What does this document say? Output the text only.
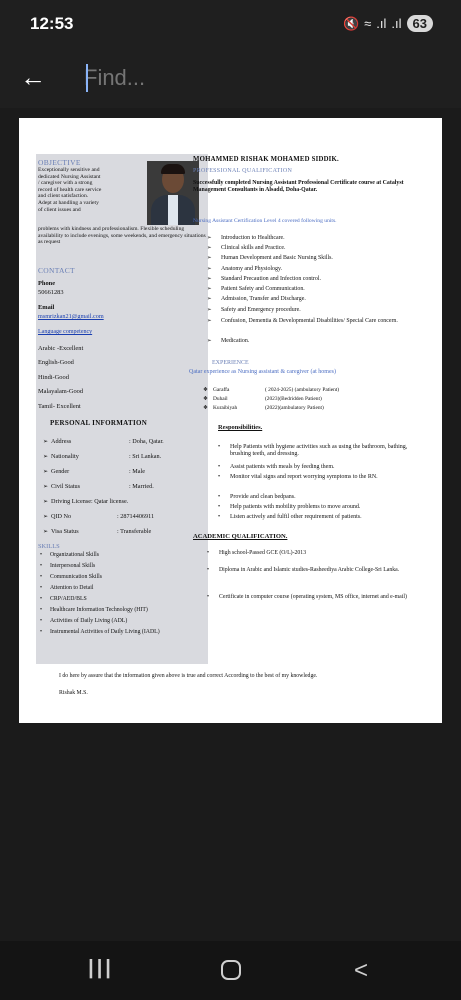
12:53	🔇 ≈ .ıl .ıl 63
←
Find...
OBJECTIVE
Exceptionally sensitive and
dedicated Nursing Assistant
/ caregiver with a strong
record of health care service
and client satisfaction.
Adept at handling a variety
of client issues and
problems with kindness and professionalism. Flexible scheduling availability to include evenings, some weekends, and emergency situations as request
CONTACT
Phone
50661283
Email
msmrizkan21@gmail.com
Language competency
Arabic -Excellent
English-Good
Hindi-Good
Malayalam-Good
Tamil- Excellent
PERSONAL INFORMATION
➢ Address	: Doha, Qatar.
➢ Nationality	: Sri Lankan.
➢ Gender	: Male
➢ Civil Status	: Married.
➢ Driving License: Qatar license.
➢ QID No	: 28714406911
➢ Visa Status	: Transferable
SKILLS
• Organizational Skills
• Interpersonal Skills
• Communication Skills
• Attention to Detail
• CRP/AED/BLS
• Healthcare Information Technology (HIT)
• Activities of Daily Living (ADL)
• Instrumental Activities of Daily Living (IADL)
MOHAMMED RISHAK MOHAMED SIDDIK.
PROFESSIONAL QUALIFICATION
Successfully completed Nursing Assistant Professional Certificate course at Catalyst Management Consultants in Alsadd, Doha-Qatar.
Nursing Assistant Certification Level 4 covered following units.
➢ Introduction to Healthcare.
➢ Clinical skills and Practice.
➢ Human Development and Basic Nursing Skills.
➢ Anatomy and Physiology.
➢ Standard Precaution and Infection control.
➢ Patient Safety and Communication.
➢ Admission, Transfer and Discharge.
➢ Safety and Emergency procedure.
➢ Confusion, Dementia & Developmental Disabilities/ Special Care concern.
➢ Medication.
EXPERIENCE
Qatar experience as Nursing assistant & caregiver (at homes)
❖ Garaffa	( 2024-2025) (ambulatory Patient)
❖ Duhail	(2023)(Bedridden Patient)
❖ Kuraibiyah	(2022)(ambulatory Patient)
Responsibilities.
• Help Patients with hygiene activities such as using the bathroom, bathing, brushing teeth, and dressing.
• Assist patients with meals by feeding them.
• Monitor vital signs and report worrying symptoms to the RN.
• Provide and clean bedpans.
• Help patients with mobility problems to move around.
• Listen actively and fulfil other requirement of patients.
ACADEMIC QUALIFICATION.
• High school-Passed GCE (O/L)-2013
• Diploma in Arabic and Islamic studies-Rasheediya Arabic College-Sri Lanka.
• Certificate in computer course (operating system, MS office, internet and e-mail)
I do here by assure that the information given above is true and correct According to the best of my knowledge.
Rishak M.S.
|||	<
